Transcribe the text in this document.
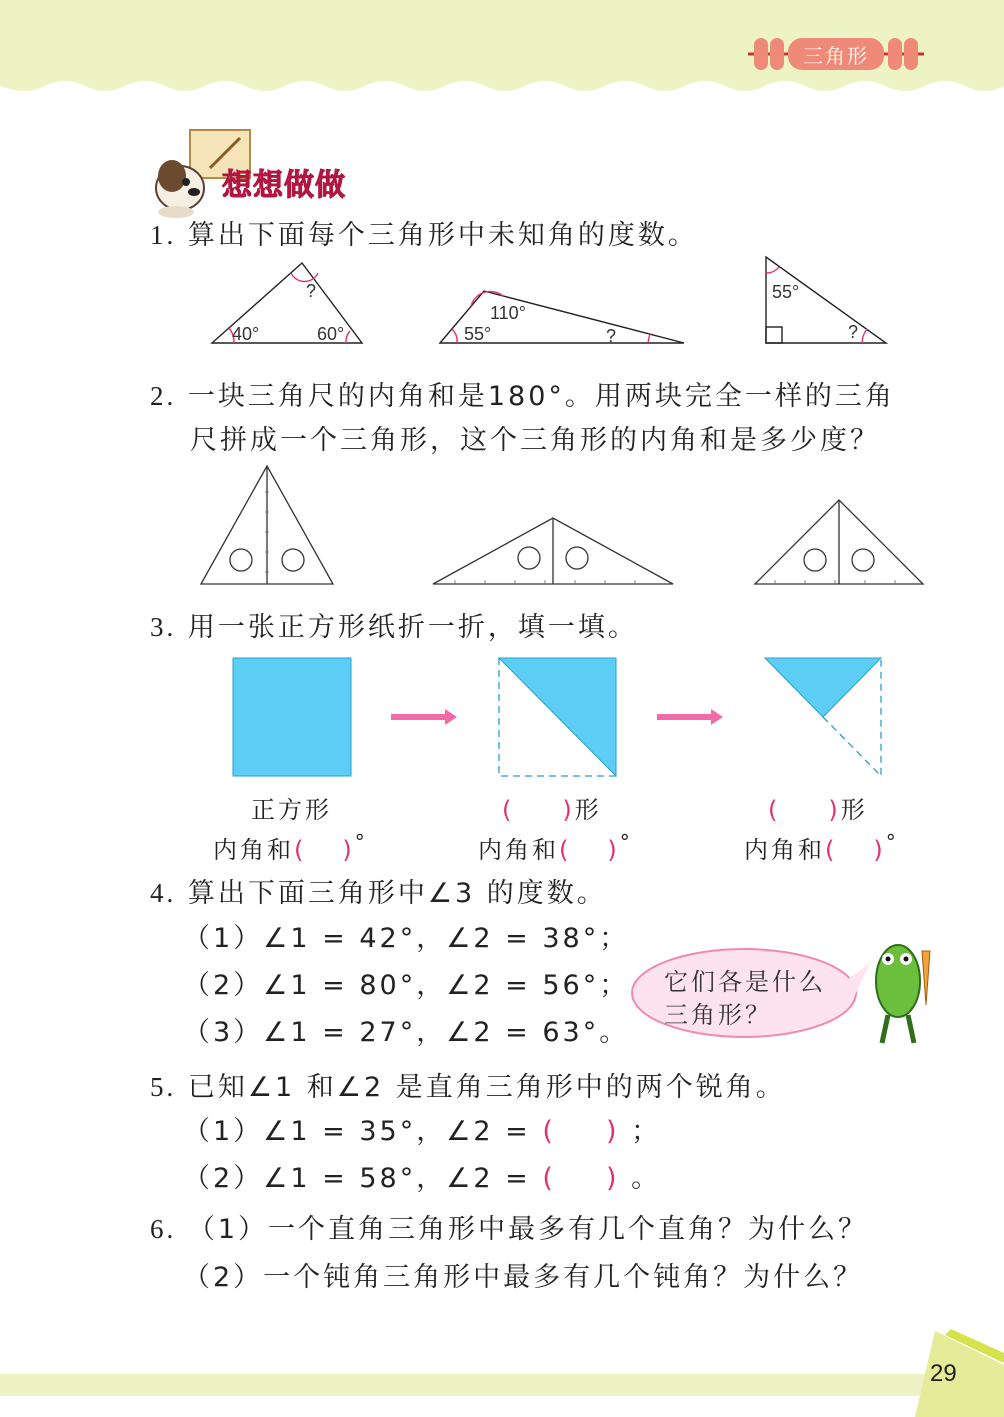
三角形
想想做做
1. 算出下面每个三角形中未知角的度数。
?
40°	60°
110°
55°	?
55°
?
2. 一块三角尺的内角和是180°。用两块完全一样的三角
尺拼成一个三角形，这个三角形的内角和是多少度？
3. 用一张正方形纸折一折，填一填。
正方形
内角和( )°
( )形
内角和( )°
( )形
内角和( )°
4. 算出下面三角形中∠3 的度数。
（1）∠1 = 42°，∠2 = 38°；
（2）∠1 = 80°，∠2 = 56°；
（3）∠1 = 27°，∠2 = 63°。
它们各是什么
三角形？
5. 已知∠1 和∠2 是直角三角形中的两个锐角。
（1）∠1 = 35°，∠2 = ( ) ；
（2）∠1 = 58°，∠2 = ( ) 。
6. （1）一个直角三角形中最多有几个直角？为什么？
（2）一个钝角三角形中最多有几个钝角？为什么？
29
